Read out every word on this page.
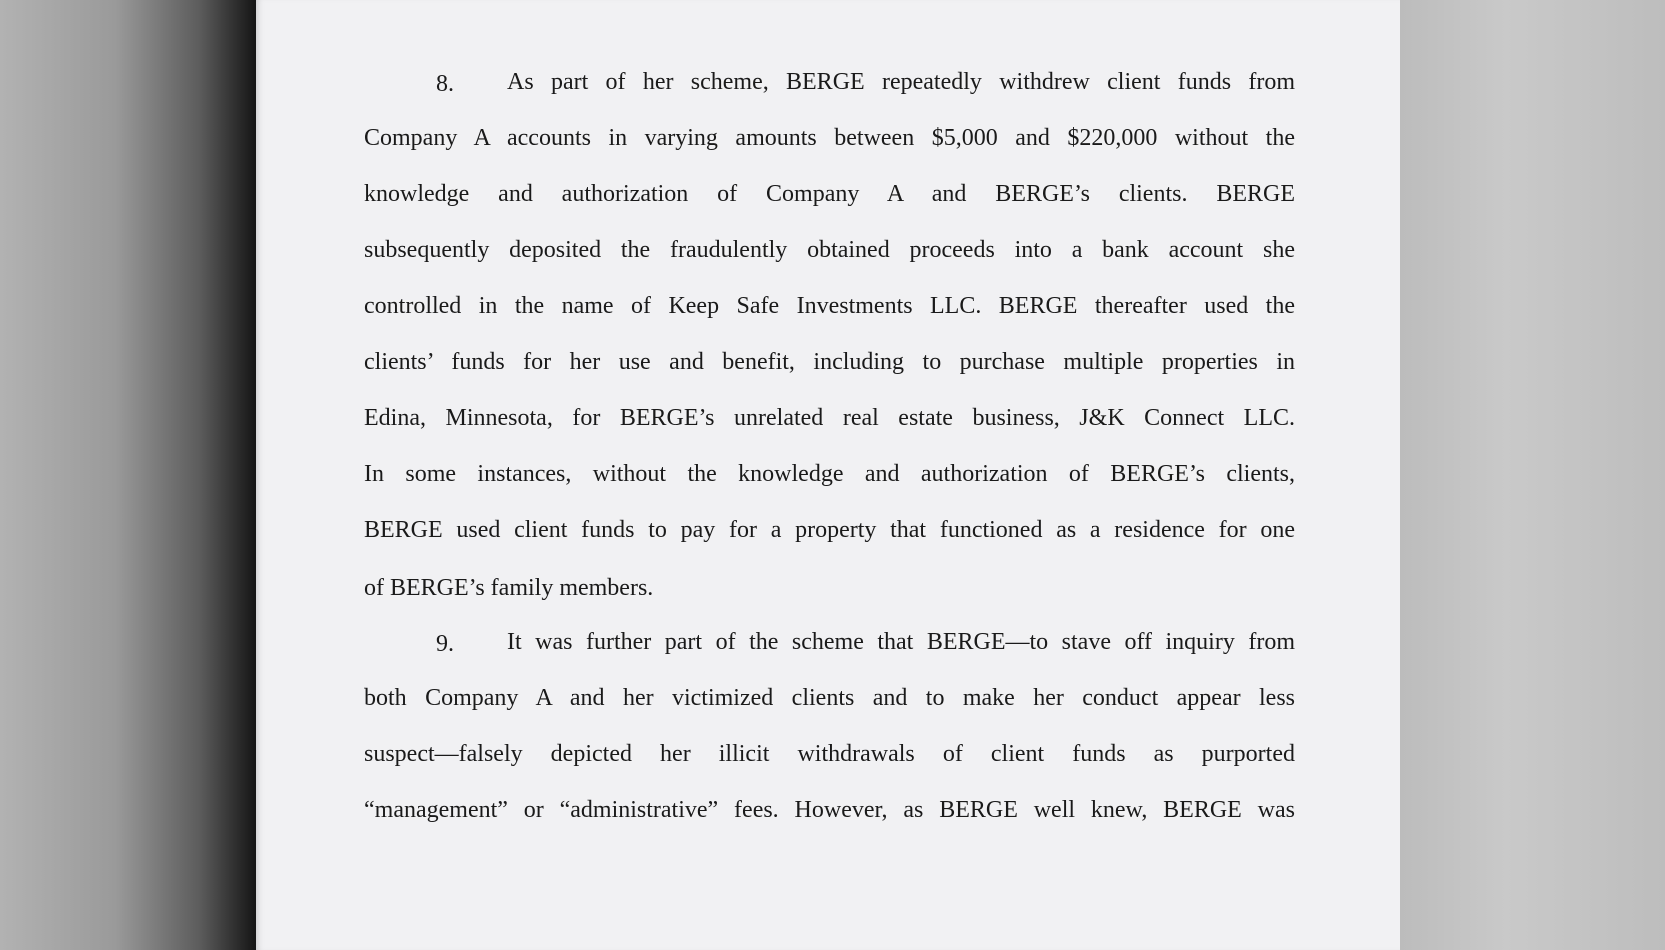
8. As part of her scheme, BERGE repeatedly withdrew client funds from
Company A accounts in varying amounts between $5,000 and $220,000 without the
knowledge and authorization of Company A and BERGE’s clients. BERGE
subsequently deposited the fraudulently obtained proceeds into a bank account she
controlled in the name of Keep Safe Investments LLC. BERGE thereafter used the
clients’ funds for her use and benefit, including to purchase multiple properties in
Edina, Minnesota, for BERGE’s unrelated real estate business, J&K Connect LLC.
In some instances, without the knowledge and authorization of BERGE’s clients,
BERGE used client funds to pay for a property that functioned as a residence for one
of BERGE’s family members.
9. It was further part of the scheme that BERGE—to stave off inquiry from
both Company A and her victimized clients and to make her conduct appear less
suspect—falsely depicted her illicit withdrawals of client funds as purported
“management” or “administrative” fees. However, as BERGE well knew, BERGE was
